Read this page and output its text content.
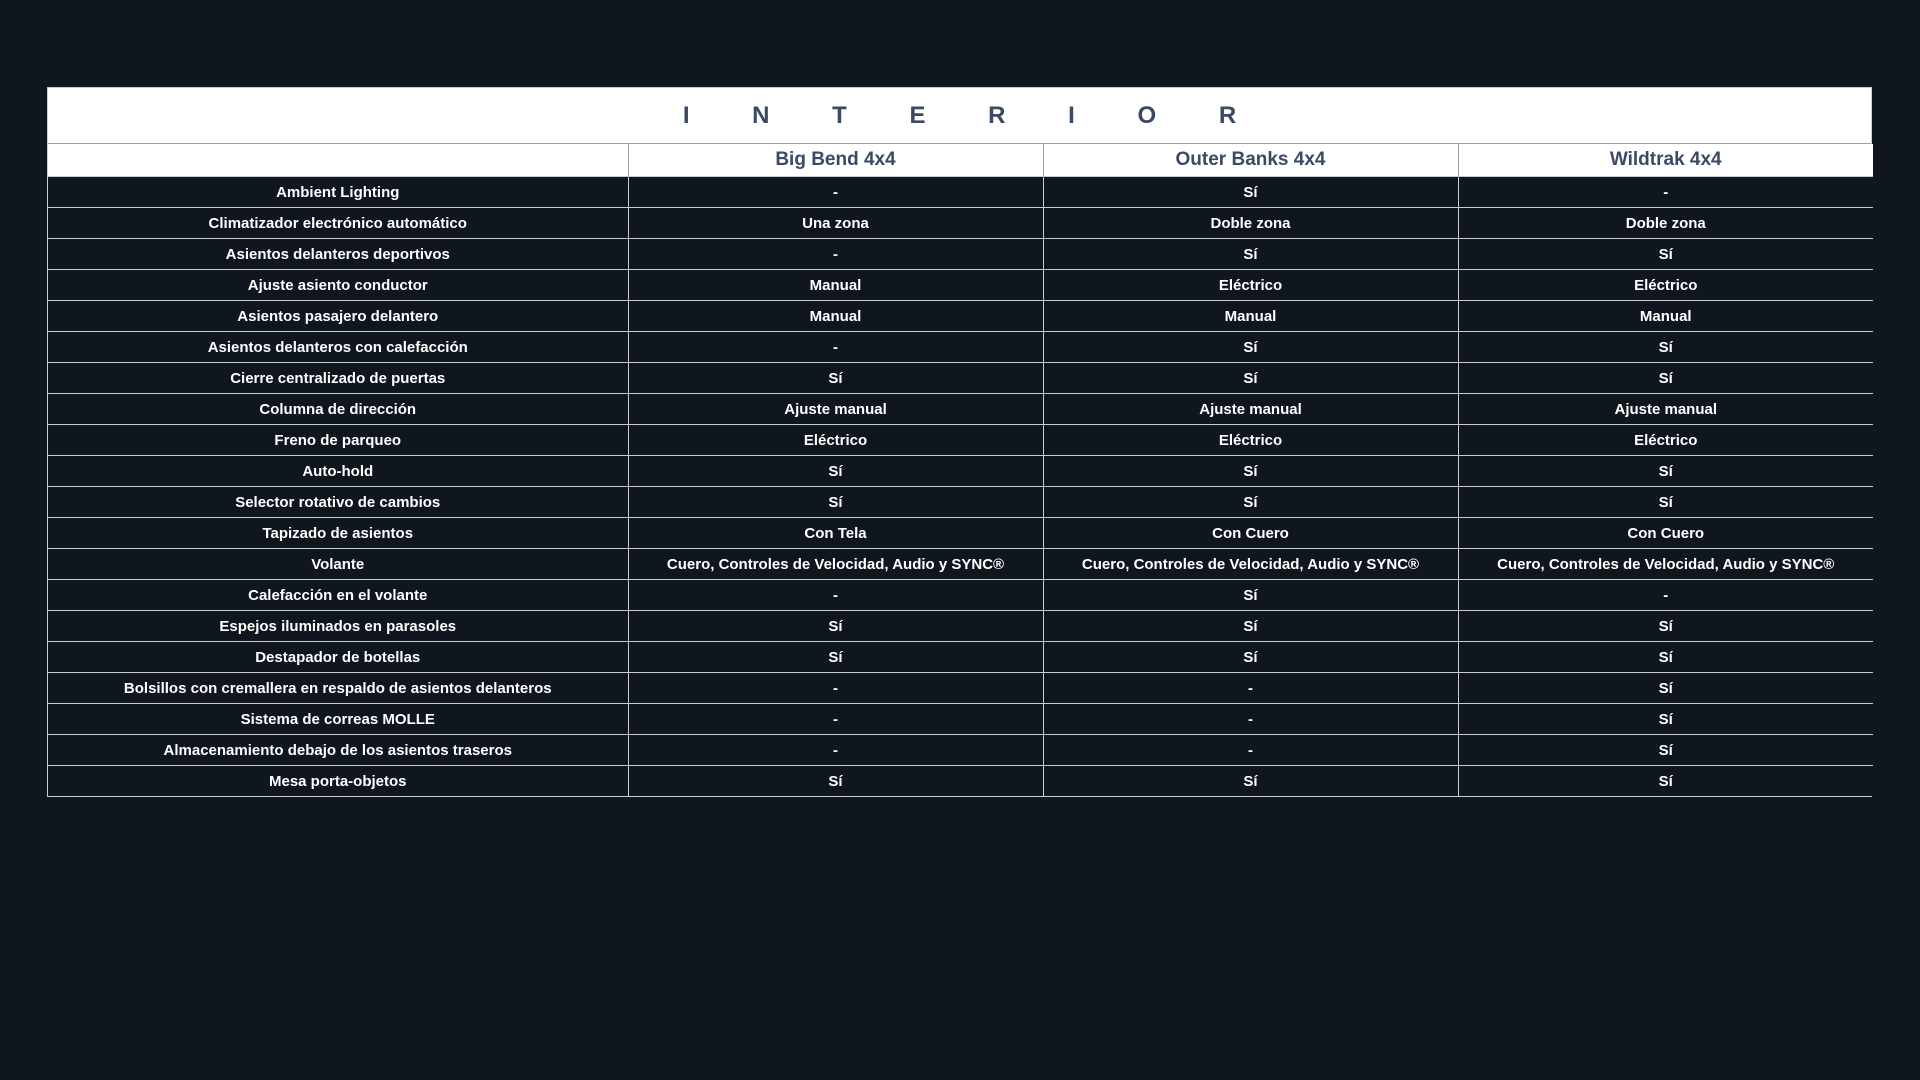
I N T E R I O R
	Big Bend 4x4	Outer Banks 4x4	Wildtrak 4x4
Ambient Lighting	-	Sí	-
Climatizador electrónico automático	Una zona	Doble zona	Doble zona
Asientos delanteros deportivos	-	Sí	Sí
Ajuste asiento conductor	Manual	Eléctrico	Eléctrico
Asientos pasajero delantero	Manual	Manual	Manual
Asientos delanteros con calefacción	-	Sí	Sí
Cierre centralizado de puertas	Sí	Sí	Sí
Columna de dirección	Ajuste manual	Ajuste manual	Ajuste manual
Freno de parqueo	Eléctrico	Eléctrico	Eléctrico
Auto-hold	Sí	Sí	Sí
Selector rotativo de cambios	Sí	Sí	Sí
Tapizado de asientos	Con Tela	Con Cuero	Con Cuero
Volante	Cuero, Controles de Velocidad, Audio y SYNC®	Cuero, Controles de Velocidad, Audio y SYNC®	Cuero, Controles de Velocidad, Audio y SYNC®
Calefacción en el volante	-	Sí	-
Espejos iluminados en parasoles	Sí	Sí	Sí
Destapador de botellas	Sí	Sí	Sí
Bolsillos con cremallera en respaldo de asientos delanteros	-	-	Sí
Sistema de correas MOLLE	-	-	Sí
Almacenamiento debajo de los asientos traseros	-	-	Sí
Mesa porta-objetos	Sí	Sí	Sí
